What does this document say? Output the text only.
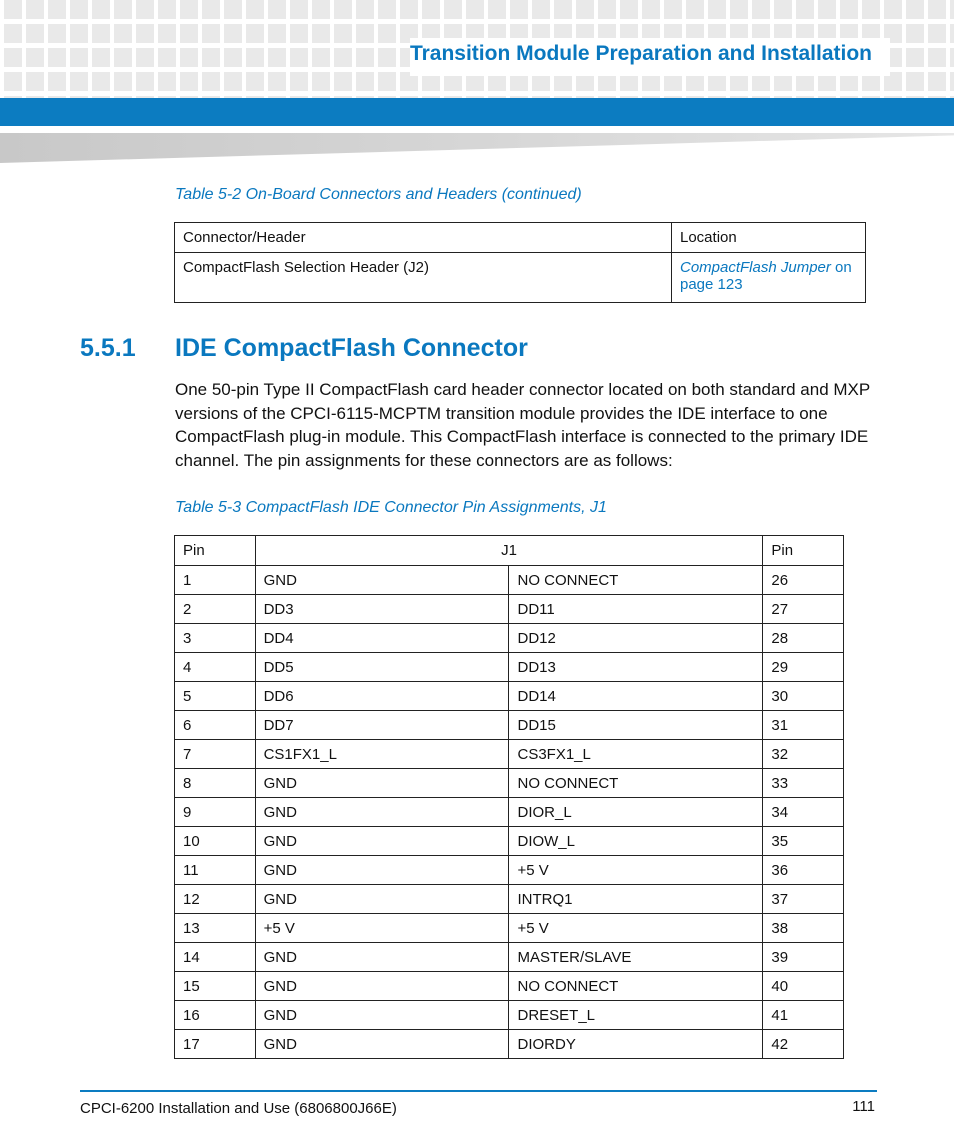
Transition Module Preparation and Installation
Table 5-2 On-Board Connectors and Headers (continued)
Connector/Header	Location
CompactFlash Selection Header (J2)	CompactFlash Jumper on
page 123
5.5.1 IDE CompactFlash Connector
One 50-pin Type II CompactFlash card header connector located on both standard and MXP versions of the CPCI-6115-MCPTM transition module provides the IDE interface to one CompactFlash plug-in module. This CompactFlash interface is connected to the primary IDE channel. The pin assignments for these connectors are as follows:
Table 5-3 CompactFlash IDE Connector Pin Assignments, J1
Pin	J1		Pin
1	GND	NO CONNECT	26
2	DD3	DD11	27
3	DD4	DD12	28
4	DD5	DD13	29
5	DD6	DD14	30
6	DD7	DD15	31
7	CS1FX1_L	CS3FX1_L	32
8	GND	NO CONNECT	33
9	GND	DIOR_L	34
10	GND	DIOW_L	35
11	GND	+5 V	36
12	GND	INTRQ1	37
13	+5 V	+5 V	38
14	GND	MASTER/SLAVE	39
15	GND	NO CONNECT	40
16	GND	DRESET_L	41
17	GND	DIORDY	42
CPCI-6200 Installation and Use (6806800J66E)	111
